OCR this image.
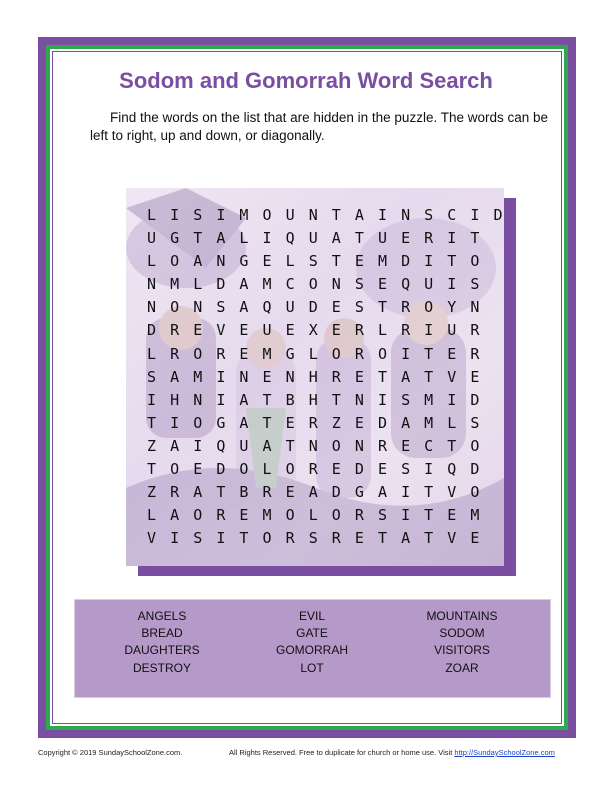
Sodom and Gomorrah Word Search
Find the words on the list that are hidden in the puzzle. The words can be left to right, up and down, or diagonally.
L I S I M O U N T A I N S C I D
U G T A L I Q U A T U E R I T
L O A N G E L S T E M D I T O
N M L D A M C O N S E Q U I S
N O N S A Q U D E S T R O Y N
D R E V E U E X E R L R I U R
L R O R E M G L O R O I T E R
S A M I N E N H R E T A T V E
I H N I A T B H T N I S M I D
T I O G A T E R Z E D A M L S
Z A I Q U A T N O N R E C T O
T O E D O L O R E D E S I Q D
Z R A T B R E A D G A I T V O
L A O R E M O L O R S I T E M
V I S I T O R S R E T A T V E
ANGELS
BREAD
DAUGHTERS
DESTROY
EVIL
GATE
GOMORRAH
LOT
MOUNTAINS
SODOM
VISITORS
ZOAR
Copyright © 2019 SundaySchoolZone.com.	All Rights Reserved. Free to duplicate for church or home use. Visit http://SundaySchoolZone.com
